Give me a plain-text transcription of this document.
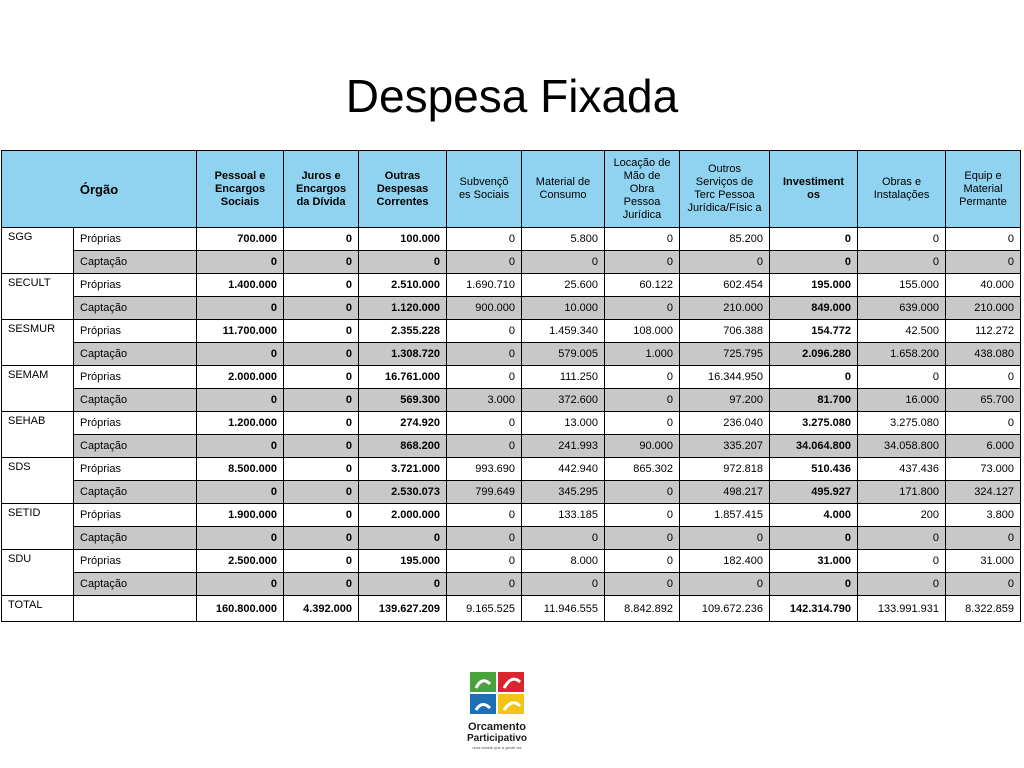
Despesa Fixada
Órgão		Pessoal e Encargos Sociais	Juros e Encargos da Dívida	Outras Despesas Correntes	Subvençõ es Sociais	Material de Consumo	Locação de Mão de Obra Pessoa Jurídica	Outros Serviços de Terc Pessoa Jurídica/Físic a	Investiment os	Obras e Instalações	Equip e Material Permante
SGG	Próprias	700.000	0	100.000	0	5.800	0	85.200	0	0	0
	Captação	0	0	0	0	0	0	0	0	0	0
SECULT	Próprias	1.400.000	0	2.510.000	1.690.710	25.600	60.122	602.454	195.000	155.000	40.000
	Captação	0	0	1.120.000	900.000	10.000	0	210.000	849.000	639.000	210.000
SESMUR	Próprias	11.700.000	0	2.355.228	0	1.459.340	108.000	706.388	154.772	42.500	112.272
	Captação	0	0	1.308.720	0	579.005	1.000	725.795	2.096.280	1.658.200	438.080
SEMAM	Próprias	2.000.000	0	16.761.000	0	111.250	0	16.344.950	0	0	0
	Captação	0	0	569.300	3.000	372.600	0	97.200	81.700	16.000	65.700
SEHAB	Próprias	1.200.000	0	274.920	0	13.000	0	236.040	3.275.080	3.275.080	0
	Captação	0	0	868.200	0	241.993	90.000	335.207	34.064.800	34.058.800	6.000
SDS	Próprias	8.500.000	0	3.721.000	993.690	442.940	865.302	972.818	510.436	437.436	73.000
	Captação	0	0	2.530.073	799.649	345.295	0	498.217	495.927	171.800	324.127
SETID	Próprias	1.900.000	0	2.000.000	0	133.185	0	1.857.415	4.000	200	3.800
	Captação	0	0	0	0	0	0	0	0	0	0
SDU	Próprias	2.500.000	0	195.000	0	8.000	0	182.400	31.000	0	31.000
	Captação	0	0	0	0	0	0	0	0	0	0
TOTAL		160.800.000	4.392.000	139.627.209	9.165.525	11.946.555	8.842.892	109.672.236	142.314.790	133.991.931	8.322.859
Orcamento
Participativo
uma cidade que a gente faz
